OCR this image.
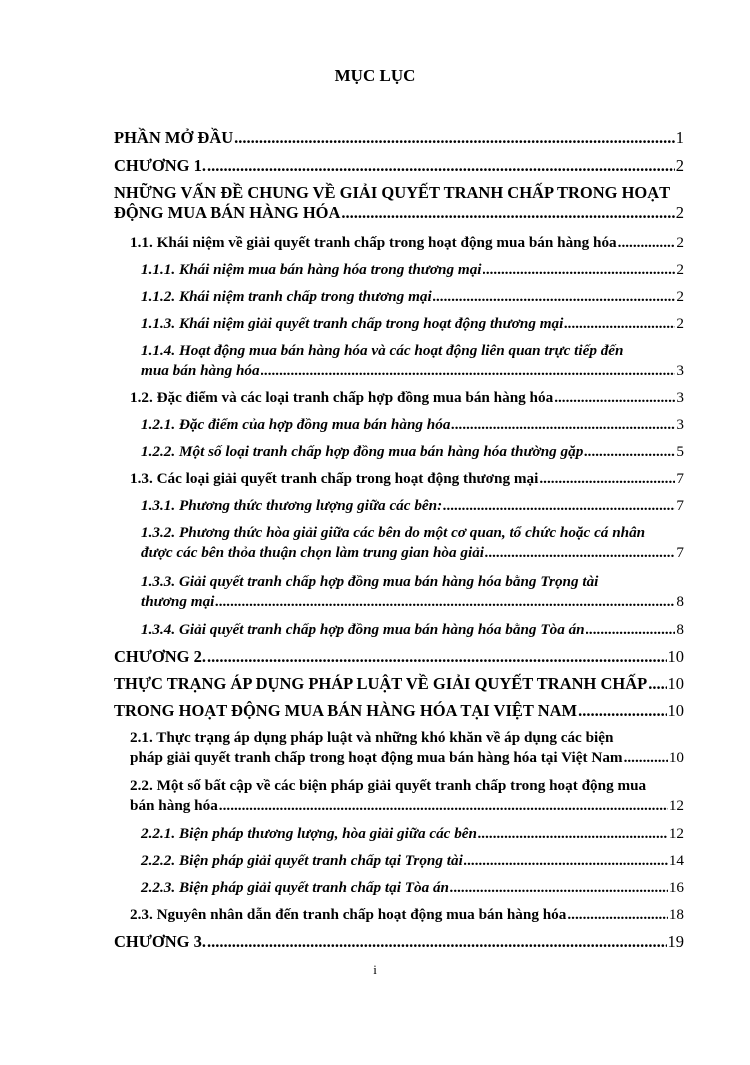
MỤC LỤC
PHẦN MỞ ĐẦU .....	1
CHƯƠNG 1. .....	2
NHỮNG VẤN ĐỀ CHUNG VỀ GIẢI QUYẾT TRANH CHẤP TRONG HOẠT
ĐỘNG MUA BÁN HÀNG HÓA .....	2
1.1. Khái niệm về giải quyết tranh chấp trong hoạt động mua bán hàng hóa .....	2
1.1.1. Khái niệm mua bán hàng hóa trong thương mại .....	2
1.1.2. Khái niệm tranh chấp trong thương mại .....	2
1.1.3. Khái niệm giải quyết tranh chấp trong hoạt động thương mại .....	2
1.1.4. Hoạt động mua bán hàng hóa và các hoạt động liên quan trực tiếp đến
mua bán hàng hóa .....	3
1.2. Đặc điểm và các loại tranh chấp hợp đồng mua bán hàng hóa .....	3
1.2.1. Đặc điểm của hợp đồng mua bán hàng hóa .....	3
1.2.2. Một số loại tranh chấp hợp đồng mua bán hàng hóa thường gặp .....	5
1.3. Các loại giải quyết tranh chấp trong hoạt động thương mại .....	7
1.3.1. Phương thức thương lượng giữa các bên: .....	7
1.3.2. Phương thức hòa giải giữa các bên do một cơ quan, tổ chức hoặc cá nhân
được các bên thỏa thuận chọn làm trung gian hòa giải .....	7
1.3.3. Giải quyết tranh chấp hợp đồng mua bán hàng hóa bằng Trọng tài
thương mại .....	8
1.3.4. Giải quyết tranh chấp hợp đồng mua bán hàng hóa bằng Tòa án .....	8
CHƯƠNG 2. .....	10
THỰC TRẠNG ÁP DỤNG PHÁP LUẬT VỀ GIẢI QUYẾT TRANH CHẤP ..... 10
TRONG HOẠT ĐỘNG MUA BÁN HÀNG HÓA TẠI VIỆT NAM .....	10
2.1. Thực trạng áp dụng pháp luật và những khó khăn về áp dụng các biện
pháp giải quyết tranh chấp trong hoạt động mua bán hàng hóa tại Việt Nam .....	10
2.2. Một số bất cập về các biện pháp giải quyết tranh chấp trong hoạt động mua
bán hàng hóa .....	12
2.2.1. Biện pháp thương lượng, hòa giải giữa các bên .....	12
2.2.2. Biện pháp giải quyết tranh chấp tại Trọng tài .....	14
2.2.3. Biện pháp giải quyết tranh chấp tại Tòa án .....	16
2.3. Nguyên nhân dẫn đến tranh chấp hoạt động mua bán hàng hóa .....	18
CHƯƠNG 3. .....	19
i
